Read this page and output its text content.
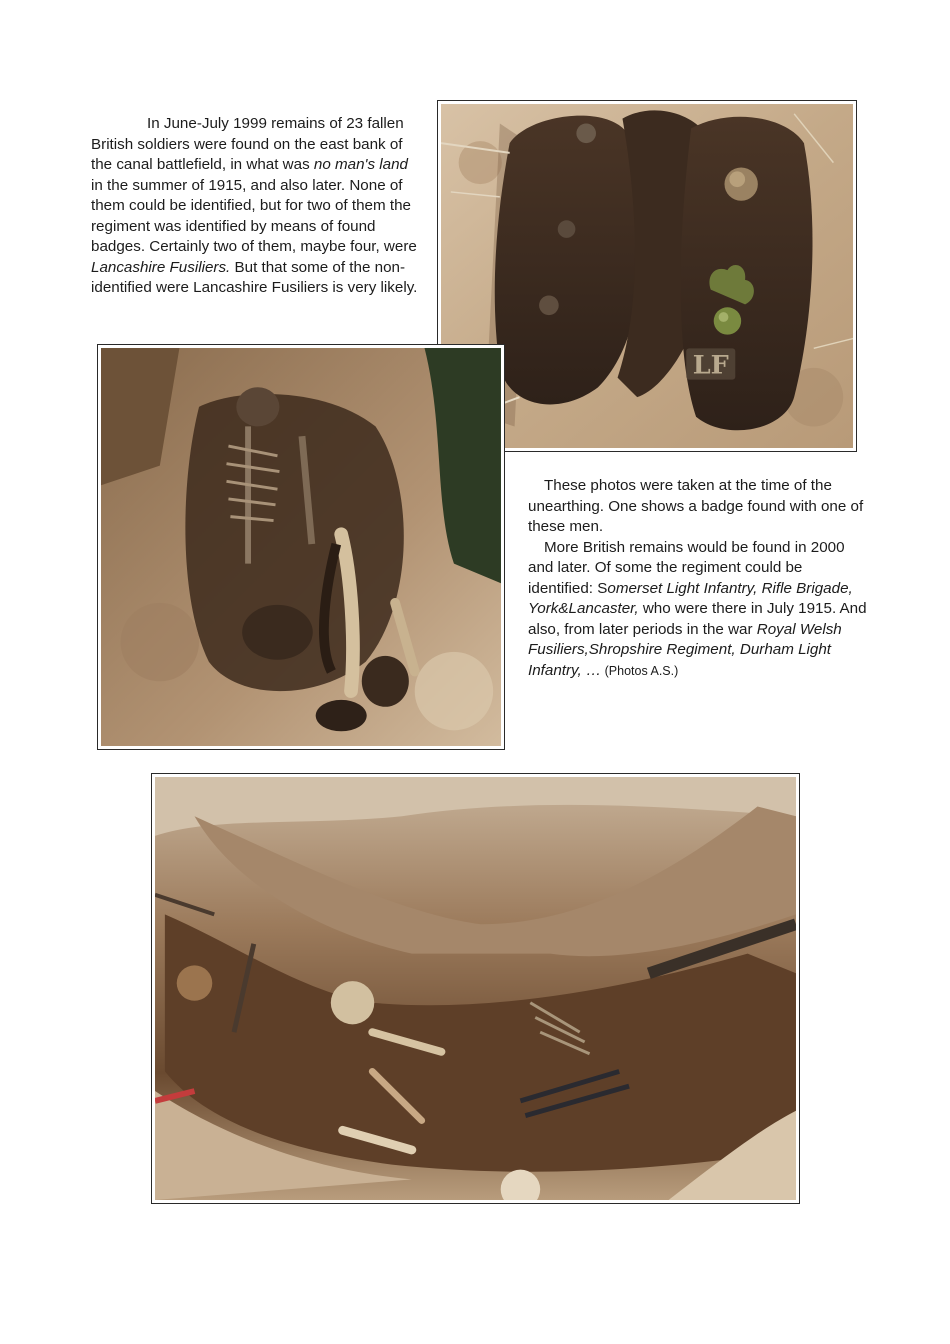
In June-July 1999 remains of 23 fallen British soldiers were found on the east bank of the canal battlefield, in what was no man's land in the summer of 1915, and also later. None of them could be identified, but for two of them the regiment was identified by means of found badges. Certainly two of them, maybe four, were Lancashire Fusiliers. But that some of the non-identified were Lancashire Fusiliers is very likely.

LF

These photos were taken at the time of the unearthing. One shows a badge found with one of these men.

More British remains would be found in 2000 and later. Of some the regiment could be identified: Somerset Light Infantry, Rifle Brigade, York&Lancaster, who were there in July 1915. And also, from later periods in the war Royal Welsh Fusiliers,Shropshire Regiment, Durham Light Infantry, … (Photos A.S.)
